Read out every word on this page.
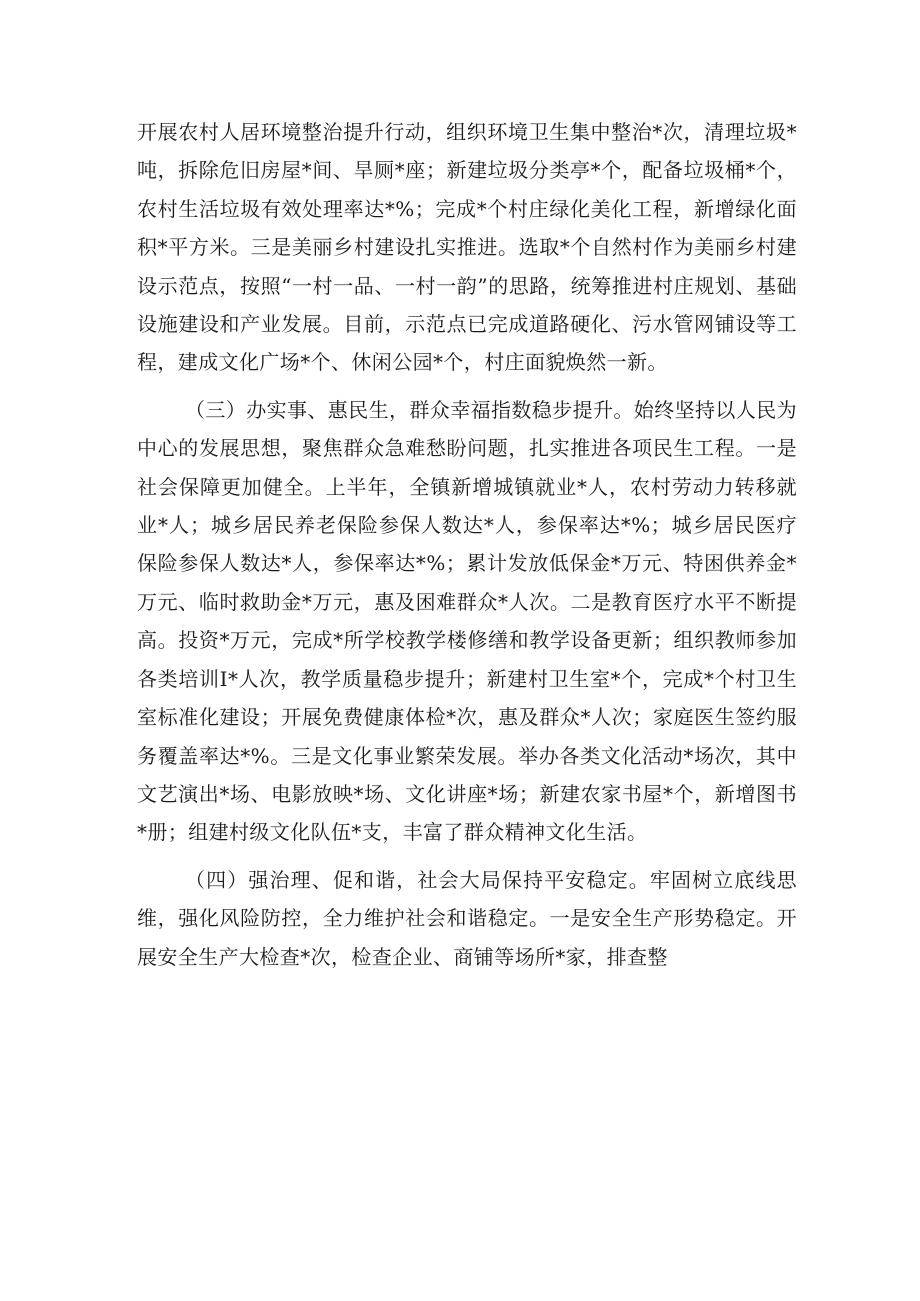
开展农村人居环境整治提升行动，组织环境卫生集中整治*次，清理垃圾*吨，拆除危旧房屋*间、旱厕*座；新建垃圾分类亭*个，配备垃圾桶*个，农村生活垃圾有效处理率达*%；完成*个村庄绿化美化工程，新增绿化面积*平方米。三是美丽乡村建设扎实推进。选取*个自然村作为美丽乡村建设示范点，按照“一村一品、一村一韵”的思路，统筹推进村庄规划、基础设施建设和产业发展。目前，示范点已完成道路硬化、污水管网铺设等工程，建成文化广场*个、休闲公园*个，村庄面貌焕然一新。

（三）办实事、惠民生，群众幸福指数稳步提升。始终坚持以人民为中心的发展思想，聚焦群众急难愁盼问题，扎实推进各项民生工程。一是社会保障更加健全。上半年，全镇新增城镇就业*人，农村劳动力转移就业*人；城乡居民养老保险参保人数达*人，参保率达*%；城乡居民医疗保险参保人数达*人，参保率达*%；累计发放低保金*万元、特困供养金*万元、临时救助金*万元，惠及困难群众*人次。二是教育医疗水平不断提高。投资*万元，完成*所学校教学楼修缮和教学设备更新；组织教师参加各类培训I*人次，教学质量稳步提升；新建村卫生室*个，完成*个村卫生室标准化建设；开展免费健康体检*次，惠及群众*人次；家庭医生签约服务覆盖率达*%。三是文化事业繁荣发展。举办各类文化活动*场次，其中文艺演出*场、电影放映*场、文化讲座*场；新建农家书屋*个，新增图书*册；组建村级文化队伍*支，丰富了群众精神文化生活。

（四）强治理、促和谐，社会大局保持平安稳定。牢固树立底线思维，强化风险防控，全力维护社会和谐稳定。一是安全生产形势稳定。开展安全生产大检查*次，检查企业、商铺等场所*家，排查整
